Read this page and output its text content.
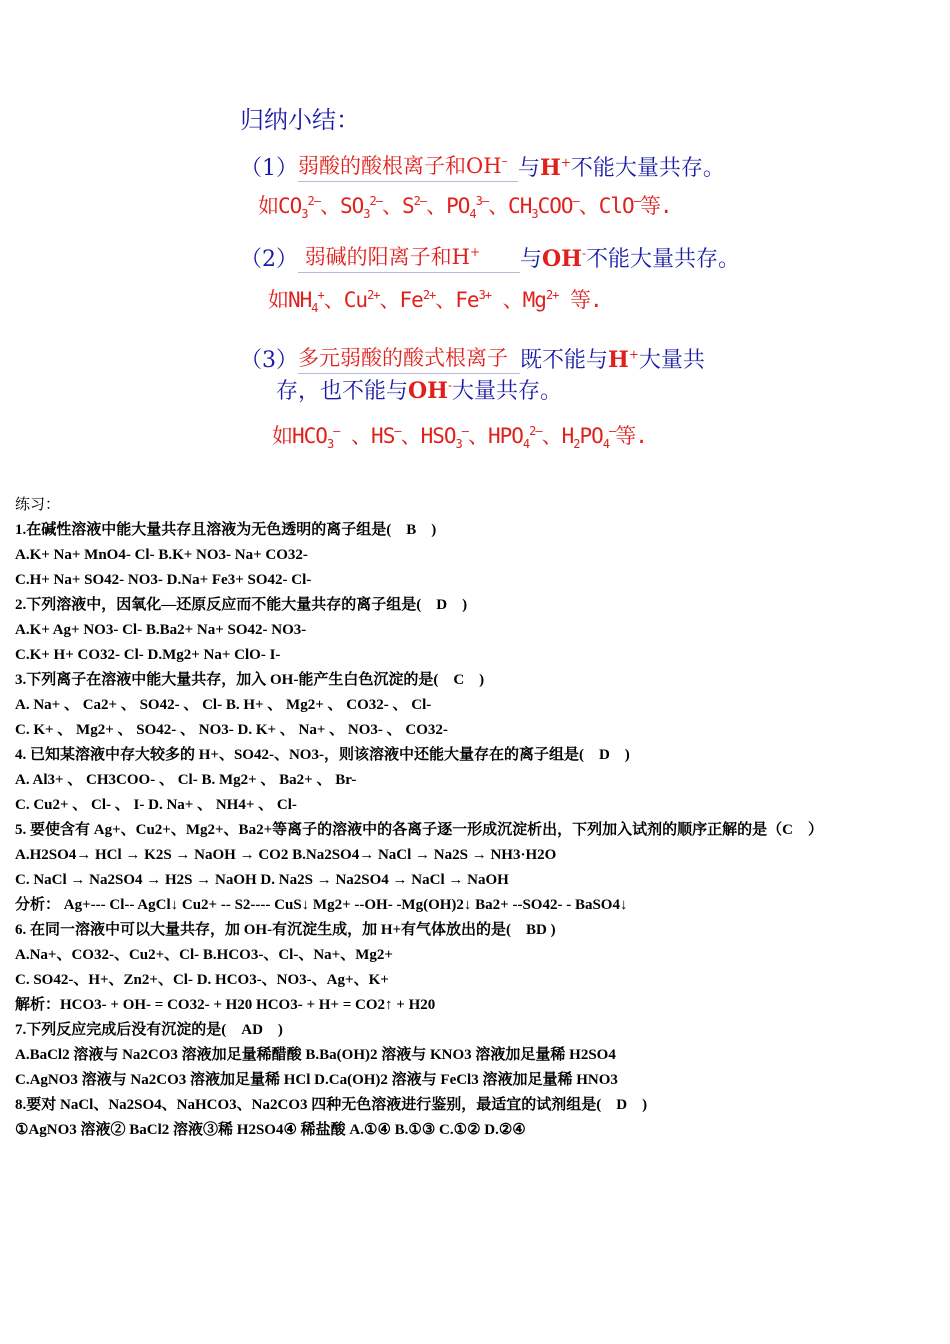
归纳小结：
（1）弱酸的酸根离子和OH– 与H+不能大量共存。
如$CO_3^{2-}$、$SO_3^{2-}$、$S^{2-}$、$PO_4^{3-}$、$CH_3COO^-$、ClO–等.
（2） 弱碱的阳离子和H+ 与OH-不能大量共存。
如$NH_4^+$、$Cu^{2+}$、$Fe^{2+}$、$Fe^{3+}$ 、$Mg^{2+}$ 等.
（3）多元弱酸的酸式根离子 既不能与H+大量共
存，也不能与OH-大量共存。
如$HCO_3^-$ 、HS–、$HSO_3^-$、$HPO_4^{2-}$、$H_2PO_4^-$等.
练习：
1.在碱性溶液中能大量共存且溶液为无色透明的离子组是(　B　)
A.K+ Na+ MnO4- Cl- B.K+ NO3- Na+ CO32-
C.H+ Na+ SO42- NO3- D.Na+ Fe3+ SO42- Cl-
2.下列溶液中，因氧化—还原反应而不能大量共存的离子组是(　D　)
A.K+ Ag+ NO3- Cl- B.Ba2+ Na+ SO42- NO3-
C.K+ H+ CO32- Cl- D.Mg2+ Na+ ClO- I-
3.下列离子在溶液中能大量共存，加入 OH-能产生白色沉淀的是(　C　)
A. Na+ 、 Ca2+ 、 SO42- 、 Cl- B. H+ 、 Mg2+ 、 CO32- 、 Cl-
C. K+ 、 Mg2+ 、 SO42- 、 NO3- D. K+ 、 Na+ 、 NO3- 、 CO32-
4. 已知某溶液中存大较多的 H+、SO42-、NO3-，则该溶液中还能大量存在的离子组是(　D　)
A. Al3+ 、 CH3COO- 、 Cl- B. Mg2+ 、 Ba2+ 、 Br-
C. Cu2+ 、 Cl- 、 I- D. Na+ 、 NH4+ 、 Cl-
5. 要使含有 Ag+、Cu2+、Mg2+、Ba2+等离子的溶液中的各离子逐一形成沉淀析出，下列加入试剂的顺序正解的是（C　）
A.H2SO4→ HCl → K2S → NaOH → CO2 B.Na2SO4→ NaCl → Na2S → NH3·H2O
C. NaCl → Na2SO4 → H2S → NaOH D. Na2S → Na2SO4 → NaCl → NaOH
分析： Ag+--- Cl-- AgCl↓ Cu2+ -- S2---- CuS↓ Mg2+ --OH- -Mg(OH)2↓ Ba2+ --SO42- - BaSO4↓
6. 在同一溶液中可以大量共存，加 OH-有沉淀生成，加 H+有气体放出的是(　BD )
A.Na+、CO32-、Cu2+、Cl- B.HCO3-、Cl-、Na+、Mg2+
C. SO42-、H+、Zn2+、Cl- D. HCO3-、NO3-、Ag+、K+
解析：HCO3- + OH- = CO32- + H20 HCO3- + H+ = CO2↑ + H20
7.下列反应完成后没有沉淀的是(　AD　)
A.BaCl2 溶液与 Na2CO3 溶液加足量稀醋酸 B.Ba(OH)2 溶液与 KNO3 溶液加足量稀 H2SO4
C.AgNO3 溶液与 Na2CO3 溶液加足量稀 HCl D.Ca(OH)2 溶液与 FeCl3 溶液加足量稀 HNO3
8.要对 NaCl、Na2SO4、NaHCO3、Na2CO3 四种无色溶液进行鉴别，最适宜的试剂组是(　D　)
①AgNO3 溶液② BaCl2 溶液③稀 H2SO4④ 稀盐酸 A.①④ B.①③ C.①② D.②④
